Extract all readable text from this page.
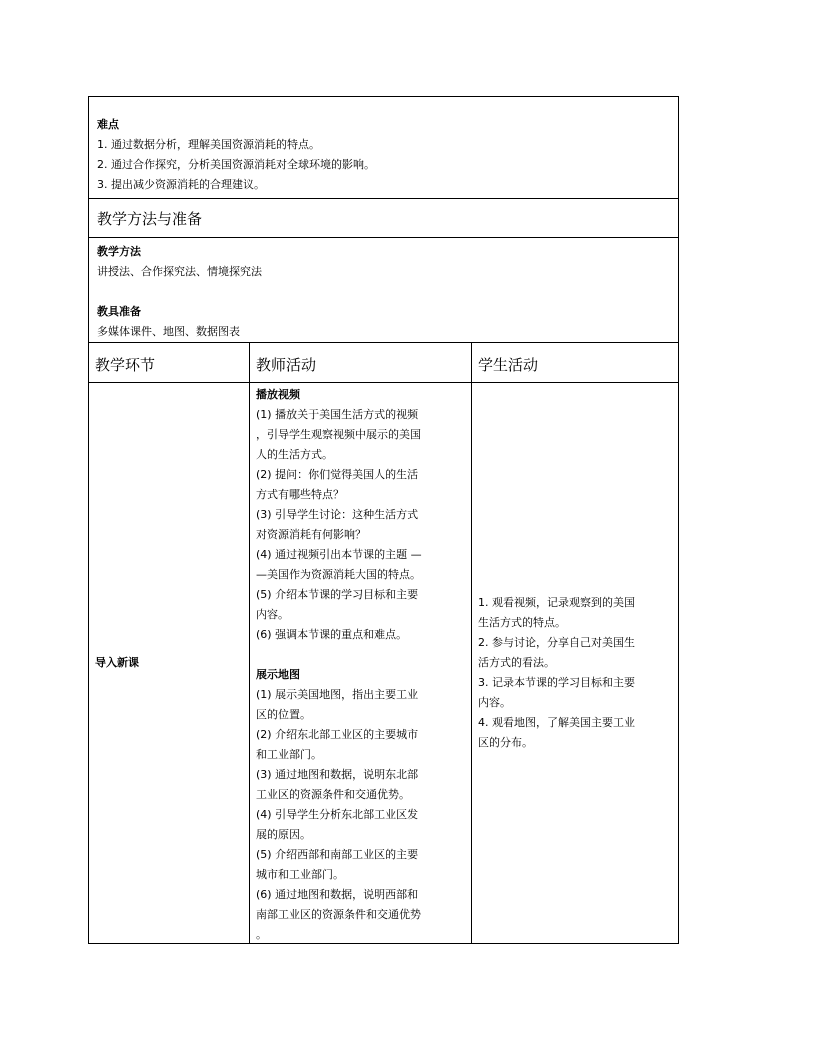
难点
1. 通过数据分析，理解美国资源消耗的特点。
2. 通过合作探究，分析美国资源消耗对全球环境的影响。
3. 提出减少资源消耗的合理建议。
教学方法与准备
教学方法
讲授法、合作探究法、情境探究法
教具准备
多媒体课件、地图、数据图表
教学环节	教师活动	学生活动
导入新课
播放视频
(1) 播放关于美国生活方式的视频
，引导学生观察视频中展示的美国
人的生活方式。
(2) 提问：你们觉得美国人的生活
方式有哪些特点？
(3) 引导学生讨论：这种生活方式
对资源消耗有何影响？
(4) 通过视频引出本节课的主题 —
—美国作为资源消耗大国的特点。
(5) 介绍本节课的学习目标和主要
内容。
(6) 强调本节课的重点和难点。
展示地图
(1) 展示美国地图，指出主要工业
区的位置。
(2) 介绍东北部工业区的主要城市
和工业部门。
(3) 通过地图和数据，说明东北部
工业区的资源条件和交通优势。
(4) 引导学生分析东北部工业区发
展的原因。
(5) 介绍西部和南部工业区的主要
城市和工业部门。
(6) 通过地图和数据，说明西部和
南部工业区的资源条件和交通优势
。
1. 观看视频，记录观察到的美国
生活方式的特点。
2. 参与讨论，分享自己对美国生
活方式的看法。
3. 记录本节课的学习目标和主要
内容。
4. 观看地图，了解美国主要工业
区的分布。
